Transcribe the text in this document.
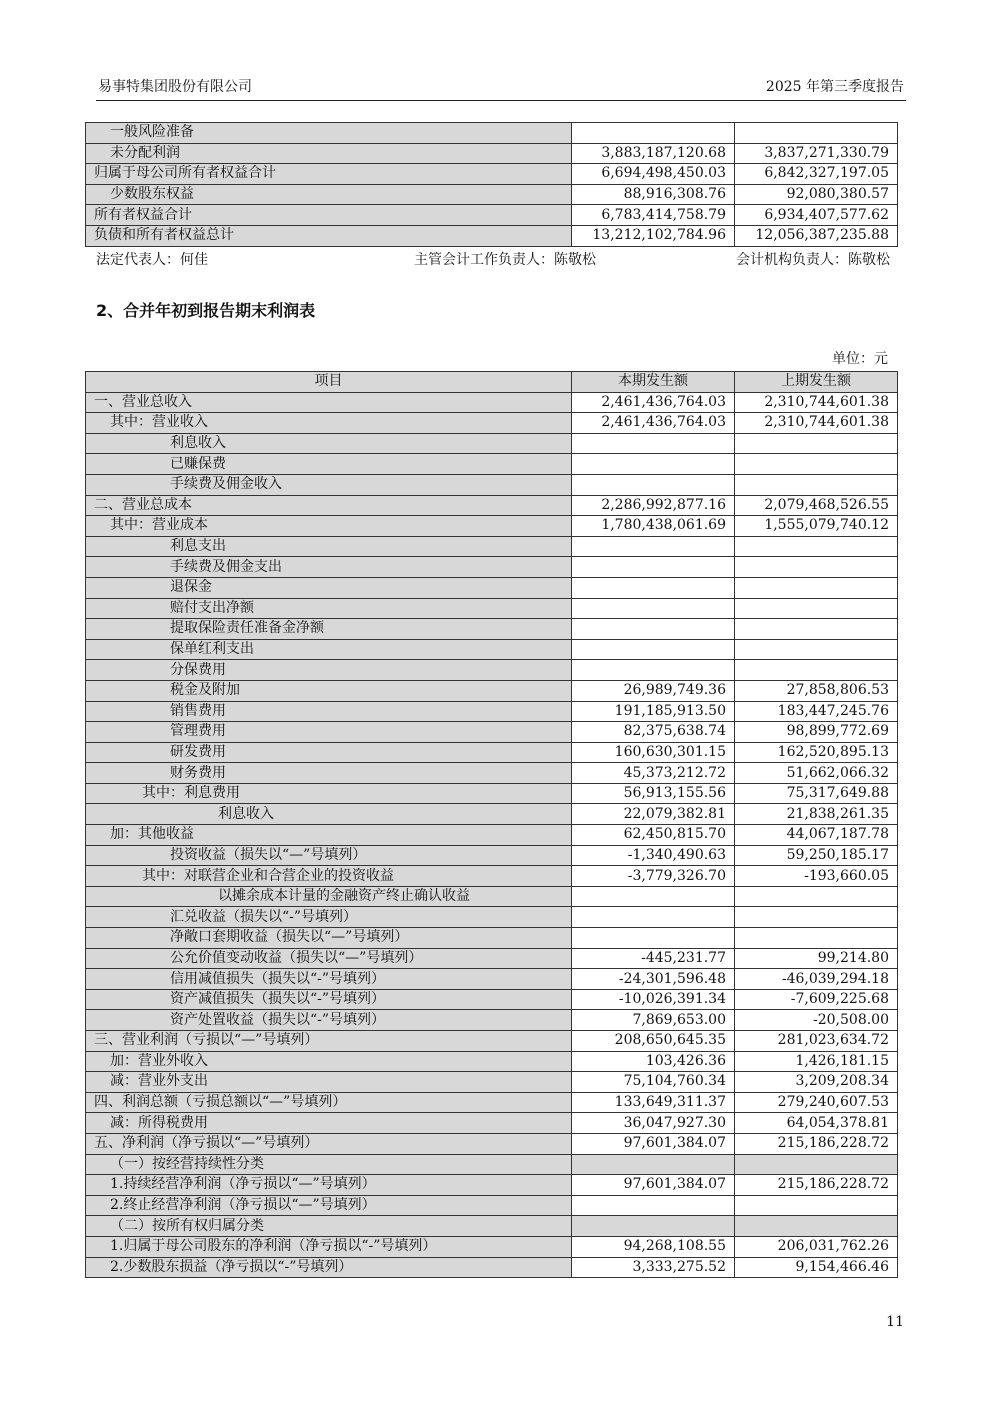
易事特集团股份有限公司	2025 年第三季度报告
一般风险准备		
未分配利润	3,883,187,120.68	3,837,271,330.79
归属于母公司所有者权益合计	6,694,498,450.03	6,842,327,197.05
少数股东权益	88,916,308.76	92,080,380.57
所有者权益合计	6,783,414,758.79	6,934,407,577.62
负债和所有者权益总计	13,212,102,784.96	12,056,387,235.88
法定代表人：何佳	主管会计工作负责人：陈敬松	会计机构负责人：陈敬松
2、合并年初到报告期末利润表
单位：元
项目	本期发生额	上期发生额
一、营业总收入	2,461,436,764.03	2,310,744,601.38
其中：营业收入	2,461,436,764.03	2,310,744,601.38
利息收入		
已赚保费		
手续费及佣金收入		
二、营业总成本	2,286,992,877.16	2,079,468,526.55
其中：营业成本	1,780,438,061.69	1,555,079,740.12
利息支出		
手续费及佣金支出		
退保金		
赔付支出净额		
提取保险责任准备金净额		
保单红利支出		
分保费用		
税金及附加	26,989,749.36	27,858,806.53
销售费用	191,185,913.50	183,447,245.76
管理费用	82,375,638.74	98,899,772.69
研发费用	160,630,301.15	162,520,895.13
财务费用	45,373,212.72	51,662,066.32
其中：利息费用	56,913,155.56	75,317,649.88
利息收入	22,079,382.81	21,838,261.35
加：其他收益	62,450,815.70	44,067,187.78
投资收益（损失以“—”号填列）	-1,340,490.63	59,250,185.17
其中：对联营企业和合营企业的投资收益	-3,779,326.70	-193,660.05
以摊余成本计量的金融资产终止确认收益		
汇兑收益（损失以“-”号填列）		
净敞口套期收益（损失以“—”号填列）		
公允价值变动收益（损失以“—”号填列）	-445,231.77	99,214.80
信用减值损失（损失以“-”号填列）	-24,301,596.48	-46,039,294.18
资产减值损失（损失以“-”号填列）	-10,026,391.34	-7,609,225.68
资产处置收益（损失以“-”号填列）	7,869,653.00	-20,508.00
三、营业利润（亏损以“—”号填列）	208,650,645.35	281,023,634.72
加：营业外收入	103,426.36	1,426,181.15
减：营业外支出	75,104,760.34	3,209,208.34
四、利润总额（亏损总额以“—”号填列）	133,649,311.37	279,240,607.53
减：所得税费用	36,047,927.30	64,054,378.81
五、净利润（净亏损以“—”号填列）	97,601,384.07	215,186,228.72
（一）按经营持续性分类		
1.持续经营净利润（净亏损以“—”号填列）	97,601,384.07	215,186,228.72
2.终止经营净利润（净亏损以“—”号填列）		
（二）按所有权归属分类		
1.归属于母公司股东的净利润（净亏损以“-”号填列）	94,268,108.55	206,031,762.26
2.少数股东损益（净亏损以“-”号填列）	3,333,275.52	9,154,466.46
11
